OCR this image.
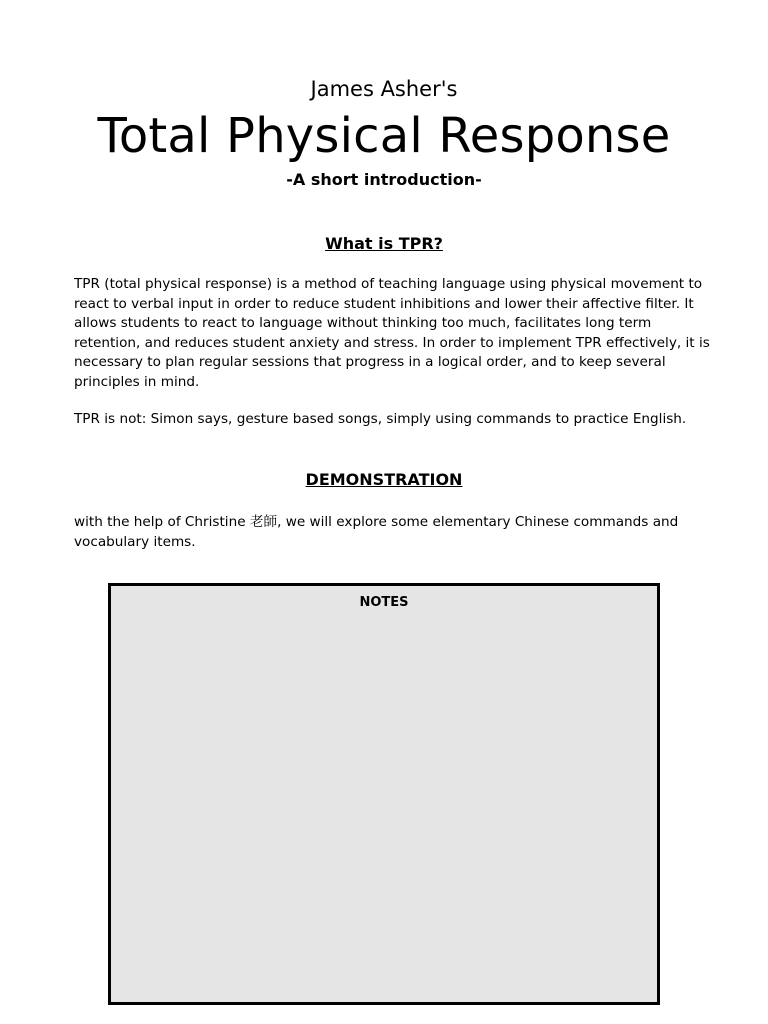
James Asher's
Total Physical Response
-A short introduction-
What is TPR?

TPR (total physical response) is a method of teaching language using physical movement to react to verbal input in order to reduce student inhibitions and lower their affective filter. It allows students to react to language without thinking too much, facilitates long term retention, and reduces student anxiety and stress. In order to implement TPR effectively, it is necessary to plan regular sessions that progress in a logical order, and to keep several principles in mind.

TPR is not: Simon says, gesture based songs, simply using commands to practice English.

DEMONSTRATION

with the help of Christine 老師, we will explore some elementary Chinese commands and vocabulary items.

NOTES
